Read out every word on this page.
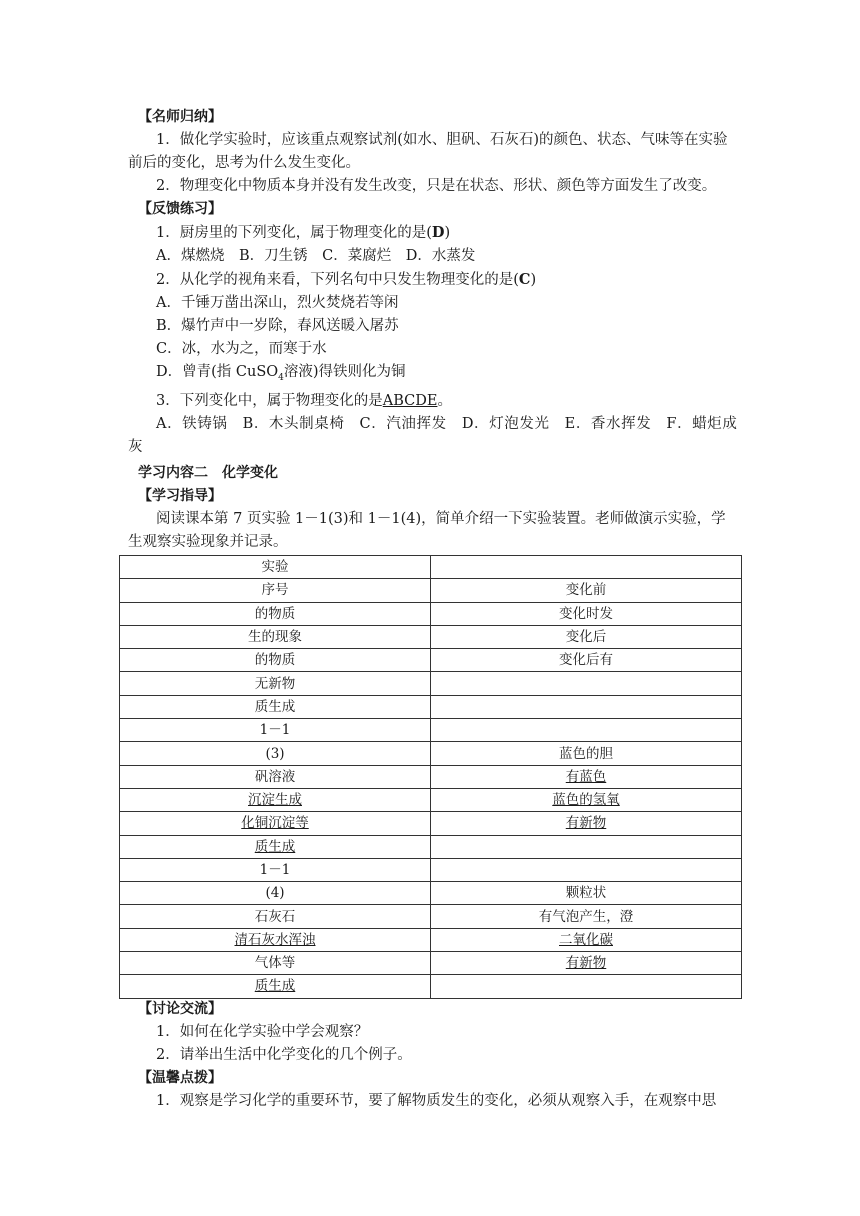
【名师归纳】

1．做化学实验时，应该重点观察试剂(如水、胆矾、石灰石)的颜色、状态、气味等在实验前后的变化，思考为什么发生变化。

2．物理变化中物质本身并没有发生改变，只是在状态、形状、颜色等方面发生了改变。

【反馈练习】

1．厨房里的下列变化，属于物理变化的是(D)

A．煤燃烧　B．刀生锈　C．菜腐烂　D．水蒸发

2．从化学的视角来看，下列名句中只发生物理变化的是(C)

A．千锤万凿出深山，烈火焚烧若等闲

B．爆竹声中一岁除，春风送暖入屠苏

C．冰，水为之，而寒于水

D．曾青(指 CuSO$_4$溶液)得铁则化为铜

3．下列变化中，属于物理变化的是ABCDE。

A．铁铸锅　B．木头制桌椅　C．汽油挥发　D．灯泡发光　E．香水挥发　F．蜡炬成灰

学习内容二　化学变化

【学习指导】

阅读课本第 7 页实验 1－1(3)和 1－1(4)，简单介绍一下实验装置。老师做演示实验，学生观察实验现象并记录。

实验	
序号	变化前
的物质	变化时发
生的现象	变化后
的物质	变化后有
无新物	
质生成	
1－1	
(3)	蓝色的胆
矾溶液	有蓝色
沉淀生成	蓝色的氢氧
化铜沉淀等	有新物
质生成	
1－1	
(4)	颗粒状
石灰石	有气泡产生，澄
清石灰水浑浊	二氧化碳
气体等	有新物
质生成	

【讨论交流】

1．如何在化学实验中学会观察？

2．请举出生活中化学变化的几个例子。

【温馨点拨】

1．观察是学习化学的重要环节，要了解物质发生的变化，必须从观察入手，在观察中思
